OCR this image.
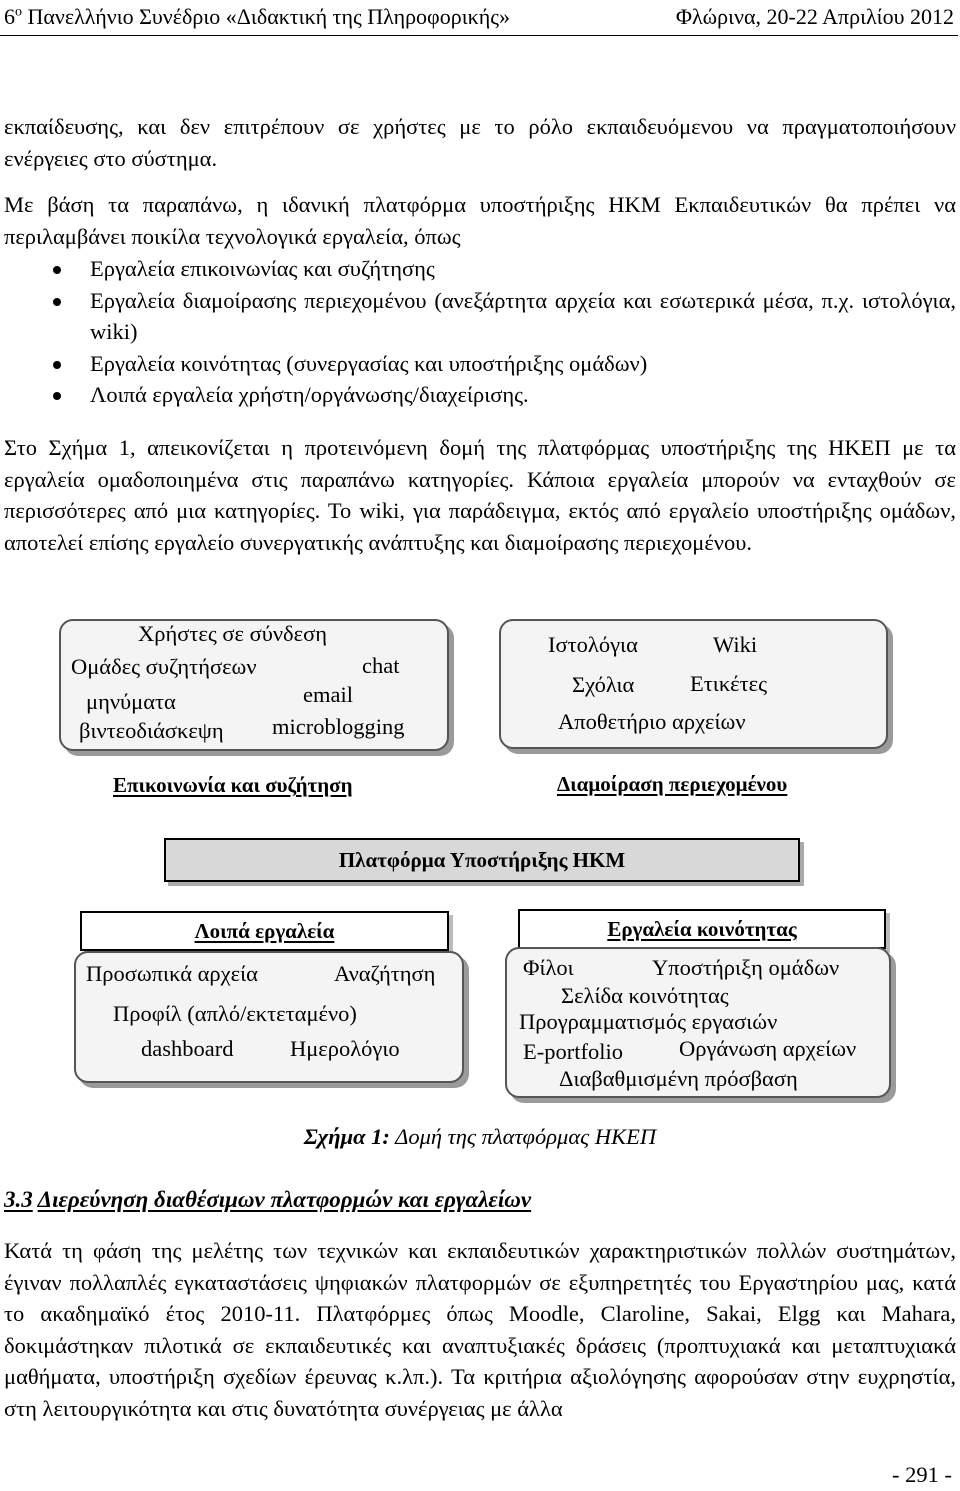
$6^o$ Πανελλήνιο Συνέδριο «Διδακτική της Πληροφορικής»	Φλώρινα, 20-22 Απριλίου 2012
εκπαίδευσης, και δεν επιτρέπουν σε χρήστες με το ρόλο εκπαιδευόμενου να πραγματοποιήσουν ενέργειες στο σύστημα.
Με βάση τα παραπάνω, η ιδανική πλατφόρμα υποστήριξης ΗΚΜ Εκπαιδευτικών θα πρέπει να περιλαμβάνει ποικίλα τεχνολογικά εργαλεία, όπως
Εργαλεία επικοινωνίας και συζήτησης
Εργαλεία διαμοίρασης περιεχομένου (ανεξάρτητα αρχεία και εσωτερικά μέσα, π.χ. ιστολόγια, wiki)
Εργαλεία κοινότητας (συνεργασίας και υποστήριξης ομάδων)
Λοιπά εργαλεία χρήστη/οργάνωσης/διαχείρισης.
Στο Σχήμα 1, απεικονίζεται η προτεινόμενη δομή της πλατφόρμας υποστήριξης της ΗΚΕΠ με τα εργαλεία ομαδοποιημένα στις παραπάνω κατηγορίες. Κάποια εργαλεία μπορούν να ενταχθούν σε περισσότερες από μια κατηγορίες. Το wiki, για παράδειγμα, εκτός από εργαλείο υποστήριξης ομάδων, αποτελεί επίσης εργαλείο συνεργατικής ανάπτυξης και διαμοίρασης περιεχομένου.
Χρήστες σε σύνδεση
Ομάδες συζητήσεων	chat
email
μηνύματα
βιντεοδιάσκεψη microblogging
Επικοινωνία και συζήτηση
Ιστολόγια	Wiki
Σχόλια Ετικέτες
Αποθετήριο αρχείων
Διαμοίραση περιεχομένου
Πλατφόρμα Υποστήριξης ΗΚΜ
Λοιπά εργαλεία
Προσωπικά αρχεία	Αναζήτηση
Προφίλ (απλό/εκτεταμένο)
dashboard	Ημερολόγιο
Εργαλεία κοινότητας
Φίλοι	Υποστήριξη ομάδων
Σελίδα κοινότητας
Προγραμματισμός εργασιών
E-portfolio Οργάνωση αρχείων
Διαβαθμισμένη πρόσβαση
Σχήμα 1: Δομή της πλατφόρμας ΗΚΕΠ
3.3 Διερεύνηση διαθέσιμων πλατφορμών και εργαλείων
Κατά τη φάση της μελέτης των τεχνικών και εκπαιδευτικών χαρακτηριστικών πολλών συστημάτων, έγιναν πολλαπλές εγκαταστάσεις ψηφιακών πλατφορμών σε εξυπηρετητές του Εργαστηρίου μας, κατά το ακαδημαϊκό έτος 2010-11. Πλατφόρμες όπως Moodle, Claroline, Sakai, Elgg και Mahara, δοκιμάστηκαν πιλοτικά σε εκπαιδευτικές και αναπτυξιακές δράσεις (προπτυχιακά και μεταπτυχιακά μαθήματα, υποστήριξη σχεδίων έρευνας κ.λπ.). Τα κριτήρια αξιολόγησης αφορούσαν στην ευχρηστία, στη λειτουργικότητα και στις δυνατότητα συνέργειας με άλλα
- 291 -
